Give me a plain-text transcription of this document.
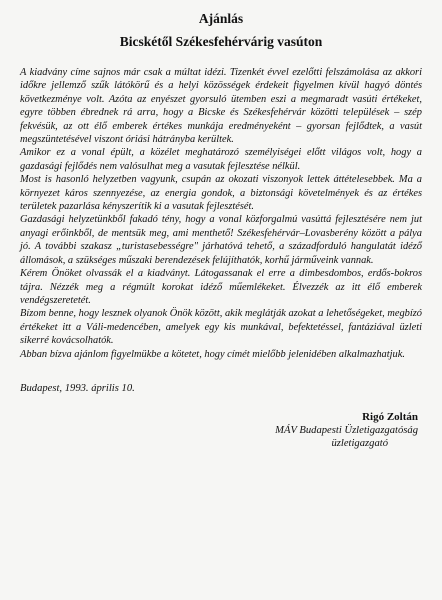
Ajánlás
Bicskétől Székesfehérvárig vasúton

A kiadvány címe sajnos már csak a múltat idézi. Tizenkét évvel ezelőtti felszámolása az akkori időkre jellemző szűk látókörű és a helyi közösségek érdekeit figyelmen kívül hagyó döntés következménye volt. Azóta az enyészet gyorsuló ütemben eszi a megmaradt vasúti értékeket, egyre többen ébrednek rá arra, hogy a Bicske és Székesfehérvár közötti települések – szép fekvésük, az ott élő emberek értékes munkája eredményeként – gyorsan fejlődtek, a vasút megszüntetésével viszont óriási hátrányba kerültek.

Amikor ez a vonal épült, a közélet meghatározó személyiségei előtt világos volt, hogy a gazdasági fejlődés nem valósulhat meg a vasutak fejlesztése nélkül.

Most is hasonló helyzetben vagyunk, csupán az okozati viszonyok lettek áttételesebbek. Ma a környezet káros szennyezése, az energia gondok, a biztonsági követelmények és az értékes területek pazarlása kényszerítik ki a vasutak fejlesztését.

Gazdasági helyzetünkből fakadó tény, hogy a vonal közforgalmú vasúttá fejlesztésére nem jut anyagi erőinkből, de mentsük meg, ami menthető! Székesfehérvár–Lovasberény között a pálya jó. A további szakasz „turistasebességre" járhatóvá tehető, a századforduló hangulatát idéző állomások, a szükséges műszaki berendezések felújíthatók, korhű járműveink vannak.

Kérem Önöket olvassák el a kiadványt. Látogassanak el erre a dimbesdombos, erdős-bokros tájra. Nézzék meg a régmúlt korokat idéző műemlékeket. Élvezzék az itt élő emberek vendégszeretetét.

Bízom benne, hogy lesznek olyanok Önök között, akik meglátják azokat a lehetőségeket, megbízó értékeket itt a Váli-medencében, amelyek egy kis munkával, befektetéssel, fantáziával üzleti sikerré kovácsolhatók.

Abban bízva ajánlom figyelmükbe a kötetet, hogy címét mielőbb jelenidében alkalmazhatjuk.

Budapest, 1993. április 10.
Rigó Zoltán
MÁV Budapesti Üzletigazgatóság
üzletigazgató
